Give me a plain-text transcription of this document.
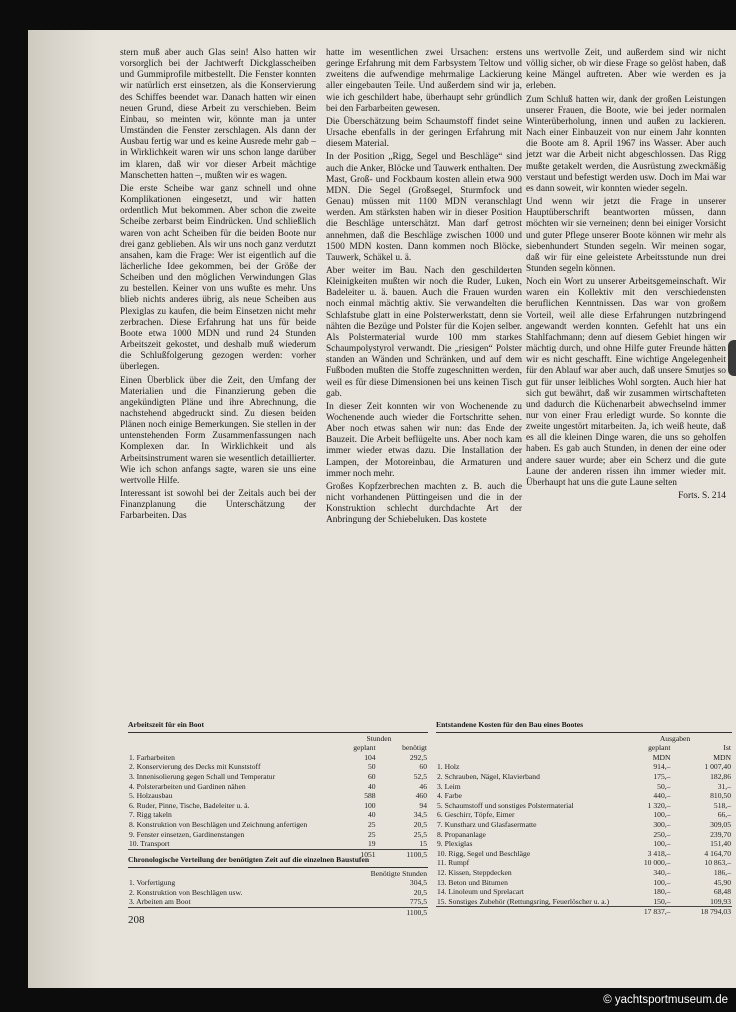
stern muß aber auch Glas sein! Also hatten wir vorsorglich bei der Jachtwerft Dickglasscheiben und Gummiprofile mitbestellt. Die Fenster konnten wir natürlich erst einsetzen, als die Konservierung des Schiffes beendet war. Danach hatten wir einen neuen Grund, diese Arbeit zu verschieben. Beim Einbau, so meinten wir, könnte man ja unter Umständen die Fenster zerschlagen. Als dann der Ausbau fertig war und es keine Ausrede mehr gab – in Wirklichkeit waren wir uns schon lange darüber im klaren, daß wir vor dieser Arbeit mächtige Manschetten hatten –, mußten wir es wagen.

Die erste Scheibe war ganz schnell und ohne Komplikationen eingesetzt, und wir hatten ordentlich Mut bekommen. Aber schon die zweite Scheibe zerbarst beim Eindrücken. Und schließlich waren von acht Scheiben für die beiden Boote nur drei ganz geblieben. Als wir uns noch ganz verdutzt ansahen, kam die Frage: Wer ist eigentlich auf die lächerliche Idee gekommen, bei der Größe der Scheiben und den möglichen Verwindungen Glas zu bestellen. Keiner von uns wußte es mehr. Uns blieb nichts anderes übrig, als neue Scheiben aus Plexiglas zu kaufen, die beim Einsetzen nicht mehr zerbrachen. Diese Erfahrung hat uns für beide Boote etwa 1000 MDN und rund 24 Stunden Arbeitszeit gekostet, und deshalb muß wiederum die Schlußfolgerung gezogen werden: vorher überlegen.

Einen Überblick über die Zeit, den Umfang der Materialien und die Finanzierung geben die angekündigten Pläne und ihre Abrechnung, die nachstehend abgedruckt sind. Zu diesen beiden Plänen noch einige Bemerkungen. Sie stellen in der untenstehenden Form Zusammenfassungen nach Komplexen dar. In Wirklichkeit und als Arbeitsinstrument waren sie wesentlich detaillierter. Wie ich schon anfangs sagte, waren sie uns eine wertvolle Hilfe.

Interessant ist sowohl bei der Zeitals auch bei der Finanzplanung die Unterschätzung der Farbarbeiten. Das

hatte im wesentlichen zwei Ursachen: erstens geringe Erfahrung mit dem Farbsystem Teltow und zweitens die aufwendige mehrmalige Lackierung aller eingebauten Teile. Und außerdem sind wir ja, wie ich geschildert habe, überhaupt sehr gründlich bei den Farbarbeiten gewesen.

Die Überschätzung beim Schaumstoff findet seine Ursache ebenfalls in der geringen Erfahrung mit diesem Material.

In der Position „Rigg, Segel und Beschläge“ sind auch die Anker, Blöcke und Tauwerk enthalten. Der Mast, Groß- und Fockbaum kosten allein etwa 900 MDN. Die Segel (Großsegel, Sturmfock und Genau) müssen mit 1100 MDN veranschlagt werden. Am stärksten haben wir in dieser Position die Beschläge unterschätzt. Man darf getrost annehmen, daß die Beschläge zwischen 1000 und 1500 MDN kosten. Dann kommen noch Blöcke, Tauwerk, Schäkel u. ä.

Aber weiter im Bau. Nach den geschilderten Kleinigkeiten mußten wir noch die Ruder, Luken, Badeleiter u. ä. bauen. Auch die Frauen wurden noch einmal mächtig aktiv. Sie verwandelten die Schlafstube glatt in eine Polsterwerkstatt, denn sie nähten die Bezüge und Polster für die Kojen selber. Als Polstermaterial wurde 100 mm starkes Schaumpolystyrol verwandt. Die „riesigen“ Polster standen an Wänden und Schränken, und auf dem Fußboden mußten die Stoffe zugeschnitten werden, weil es für diese Dimensionen bei uns keinen Tisch gab.

In dieser Zeit konnten wir von Wochenende zu Wochenende auch wieder die Fortschritte sehen. Aber noch etwas sahen wir nun: das Ende der Bauzeit. Die Arbeit beflügelte uns. Aber noch kam immer wieder etwas dazu. Die Installation der Lampen, der Motoreinbau, die Armaturen und immer noch mehr.

Großes Kopfzerbrechen machten z. B. auch die nicht vorhandenen Püttingeisen und die in der Konstruktion schlecht durchdachte Art der Anbringung der Schiebeluken. Das kostete

uns wertvolle Zeit, und außerdem sind wir nicht völlig sicher, ob wir diese Frage so gelöst haben, daß keine Mängel auftreten. Aber wie werden es ja erleben.

Zum Schluß hatten wir, dank der großen Leistungen unserer Frauen, die Boote, wie bei jeder normalen Winterüberholung, innen und außen zu lackieren. Nach einer Einbauzeit von nur einem Jahr konnten die Boote am 8. April 1967 ins Wasser. Aber auch jetzt war die Arbeit nicht abgeschlossen. Das Rigg mußte getakelt werden, die Ausrüstung zweckmäßig verstaut und befestigt werden usw. Doch im Mai war es dann soweit, wir konnten wieder segeln.

Und wenn wir jetzt die Frage in unserer Hauptüberschrift beantworten müssen, dann möchten wir sie verneinen; denn bei einiger Vorsicht und guter Pflege unserer Boote können wir mehr als siebenhundert Stunden segeln. Wir meinen sogar, daß wir für eine geleistete Arbeitsstunde nun drei Stunden segeln können.

Noch ein Wort zu unserer Arbeitsgemeinschaft. Wir waren ein Kollektiv mit den verschiedensten beruflichen Kenntnissen. Das war von großem Vorteil, weil alle diese Erfahrungen nutzbringend angewandt werden konnten. Gefehlt hat uns ein Stahlfachmann; denn auf diesem Gebiet hingen wir mächtig durch, und ohne Hilfe guter Freunde hätten wir es nicht geschafft. Eine wichtige Angelegenheit für den Ablauf war aber auch, daß unsere Smutjes so gut für unser leibliches Wohl sorgten. Auch hier hat sich gut bewährt, daß wir zusammen wirtschafteten und dadurch die Küchenarbeit abwechselnd immer nur von einer Frau erledigt wurde. So konnte die zweite ungestört mitarbeiten. Ja, ich weiß heute, daß es all die kleinen Dinge waren, die uns so geholfen haben. Es gab auch Stunden, in denen der eine oder andere sauer wurde; aber ein Scherz und die gute Laune der anderen rissen ihn immer wieder mit. Überhaupt hat uns die gute Laune selten

Forts. S. 214
Arbeitszeit für ein Boot
	Stunden	
	geplant	benötigt
1. Farbarbeiten	104	292,5
2. Konservierung des Decks mit Kunststoff	50	60
3. Innenisolierung gegen Schall und Temperatur	60	52,5
4. Polsterarbeiten und Gardinen nähen	40	46
5. Holzausbau	588	460
6. Ruder, Pinne, Tische, Badeleiter u. ä.	100	94
7. Rigg takeln	40	34,5
8. Konstruktion von Beschlägen und Zeichnung anfertigen	25	20,5
9. Fenster einsetzen, Gardinenstangen	25	25,5
10. Transport	19	15
	1051	1100,5
Chronologische Verteilung der benötigten Zeit auf die einzelnen Baustufen
	Benötigte Stunden
1. Vorfertigung	304,5
2. Konstruktion von Beschlägen usw.	20,5
3. Arbeiten am Boot	775,5
	1100,5
Entstandene Kosten für den Bau eines Bootes
	Ausgaben	
	geplant	Ist
	MDN	MDN
1. Holz	914,–	1 007,40
2. Schrauben, Nägel, Klavierband	175,–	182,86
3. Leim	50,–	31,–
4. Farbe	440,–	810,50
5. Schaumstoff und sonstiges Polstermaterial	1 320,–	518,–
6. Geschirr, Töpfe, Eimer	100,–	66,–
7. Kunstharz und Glasfasermatte	300,–	309,05
8. Propananlage	250,–	239,70
9. Plexiglas	100,–	151,40
10. Rigg, Segel und Beschläge	3 418,–	4 164,70
11. Rumpf	10 000,–	10 863,–
12. Kissen, Steppdecken	340,–	186,–
13. Beton und Bitumen	100,–	45,90
14. Linoleum und Sprelacart	180,–	68,48
15. Sonstiges Zubehör (Rettungsring, Feuerlöscher u. a.)	150,–	109,93
	17 837,–	18 794,03
208
© yachtsportmuseum.de
